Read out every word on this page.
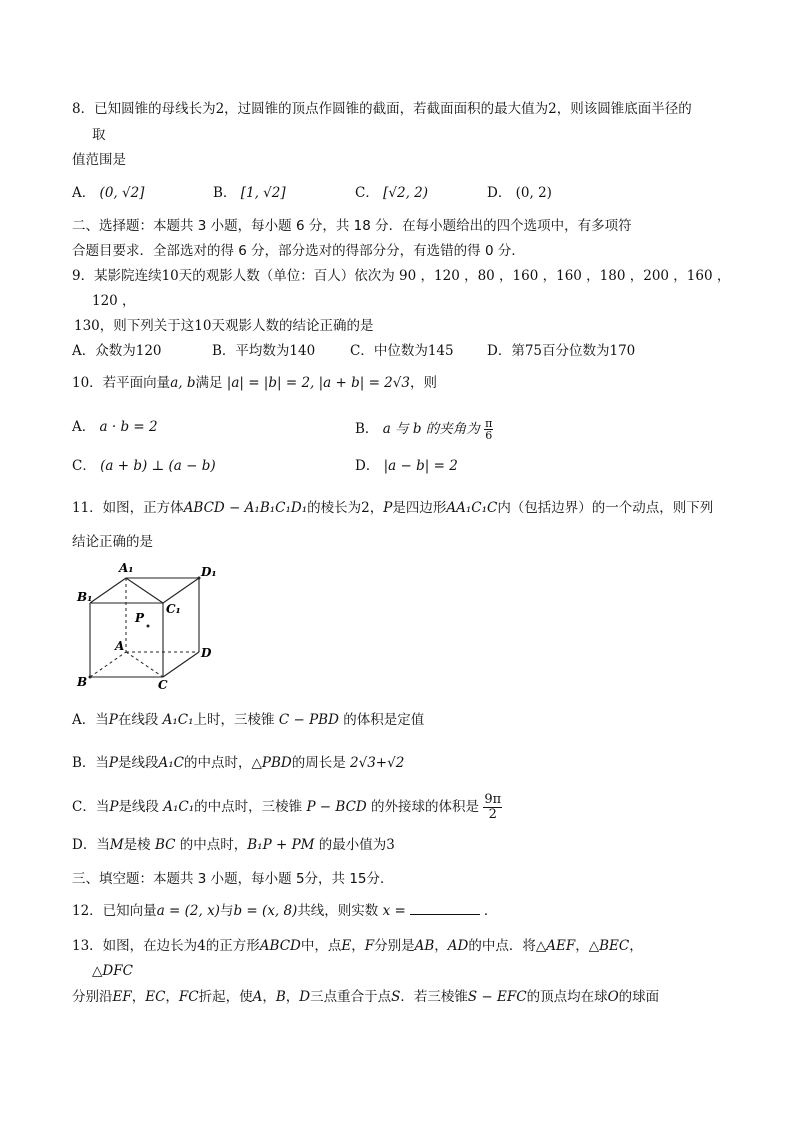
8．已知圆锥的母线长为2，过圆锥的顶点作圆锥的截面，若截面面积的最大值为2，则该圆锥底面半径的
取
值范围是
A． (0, √2]	B． [1, √2]	C． [√2, 2)	D． (0, 2)
二、选择题：本题共 3 小题，每小题 6 分，共 18 分．在每小题给出的四个选项中，有多项符
合题目要求．全部选对的得 6 分，部分选对的得部分分，有选错的得 0 分．
9．某影院连续10天的观影人数（单位：百人）依次为 90 ，120 ，80 ，160 ，160 ，180 ，200 ，160 ，
120 ，
130，则下列关于这10天观影人数的结论正确的是
A．众数为120	B．平均数为140	C．中位数为145 D．第75百分位数为170
10．若平面向量a, b满足 |a| = |b| = 2, |a + b| = 2√3，则
A． a · b = 2	B． a 与 b 的夹角为 $\frac{\pi}{6}$
C． (a + b) ⊥ (a − b)	D． |a − b| = 2
11．如图，正方体ABCD − A₁B₁C₁D₁的棱长为2，P是四边形AA₁C₁C内（包括边界）的一个动点，则下列
结论正确的是
A₁	D₁
B₁
C₁
P
A
B	C
D
A．当P在线段 A₁C₁上时，三棱锥 C − PBD 的体积是定值
B．当P是线段A₁C的中点时，△PBD的周长是 2√3+√2
C．当P是线段 A₁C₁的中点时，三棱锥 P − BCD 的外接球的体积是 $\frac{9\pi}{2}$
D．当M是棱 BC 的中点时，B₁P + PM 的最小值为3
三、填空题：本题共 3 小题，每小题 5分，共 15分．
12．已知向量a = (2, x)与b = (x, 8)共线，则实数 x =	．
13．如图，在边长为4的正方形ABCD中，点E，F分别是AB，AD的中点．将△AEF，△BEC，
△DFC
分别沿EF，EC，FC折起，使A，B，D三点重合于点S．若三棱锥S − EFC的顶点均在球O的球面
